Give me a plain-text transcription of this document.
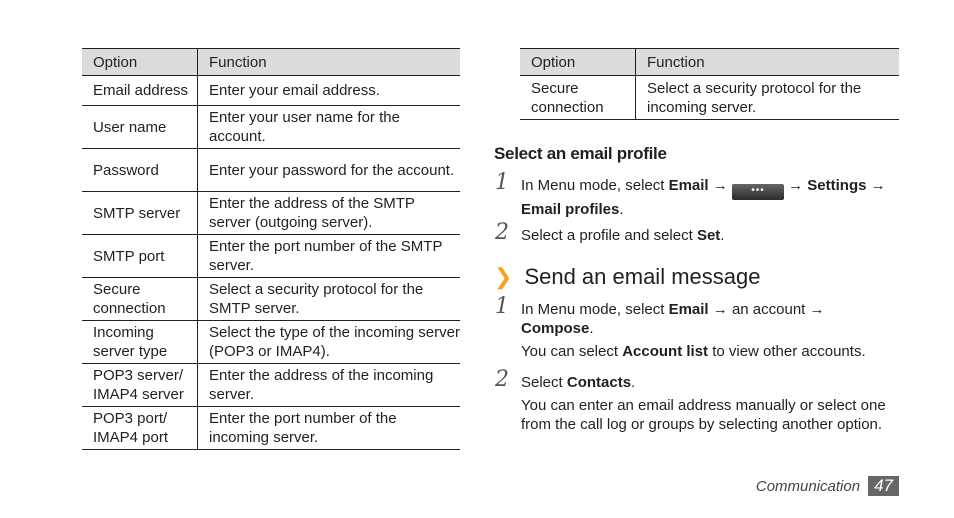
Option	Function
Email address	Enter your email address.
User name	Enter your user name for the account.
Password	Enter your password for the account.
SMTP server	Enter the address of the SMTP server (outgoing server).
SMTP port	Enter the port number of the SMTP server.
Secure connection	Select a security protocol for the SMTP server.
Incoming server type	Select the type of the incoming server (POP3 or IMAP4).
POP3 server/ IMAP4 server	Enter the address of the incoming server.
POP3 port/ IMAP4 port	Enter the port number of the incoming server.
Option	Function
Secure connection	Select a security protocol for the incoming server.
Select an email profile
1 In Menu mode, select Email → ••• → Settings → Email profiles.

2 Select a profile and select Set.

❯ Send an email message
1 In Menu mode, select Email → an account → Compose.

You can select Account list to view other accounts.

2 Select Contacts.

You can enter an email address manually or select one from the call log or groups by selecting another option.

Communication 47
